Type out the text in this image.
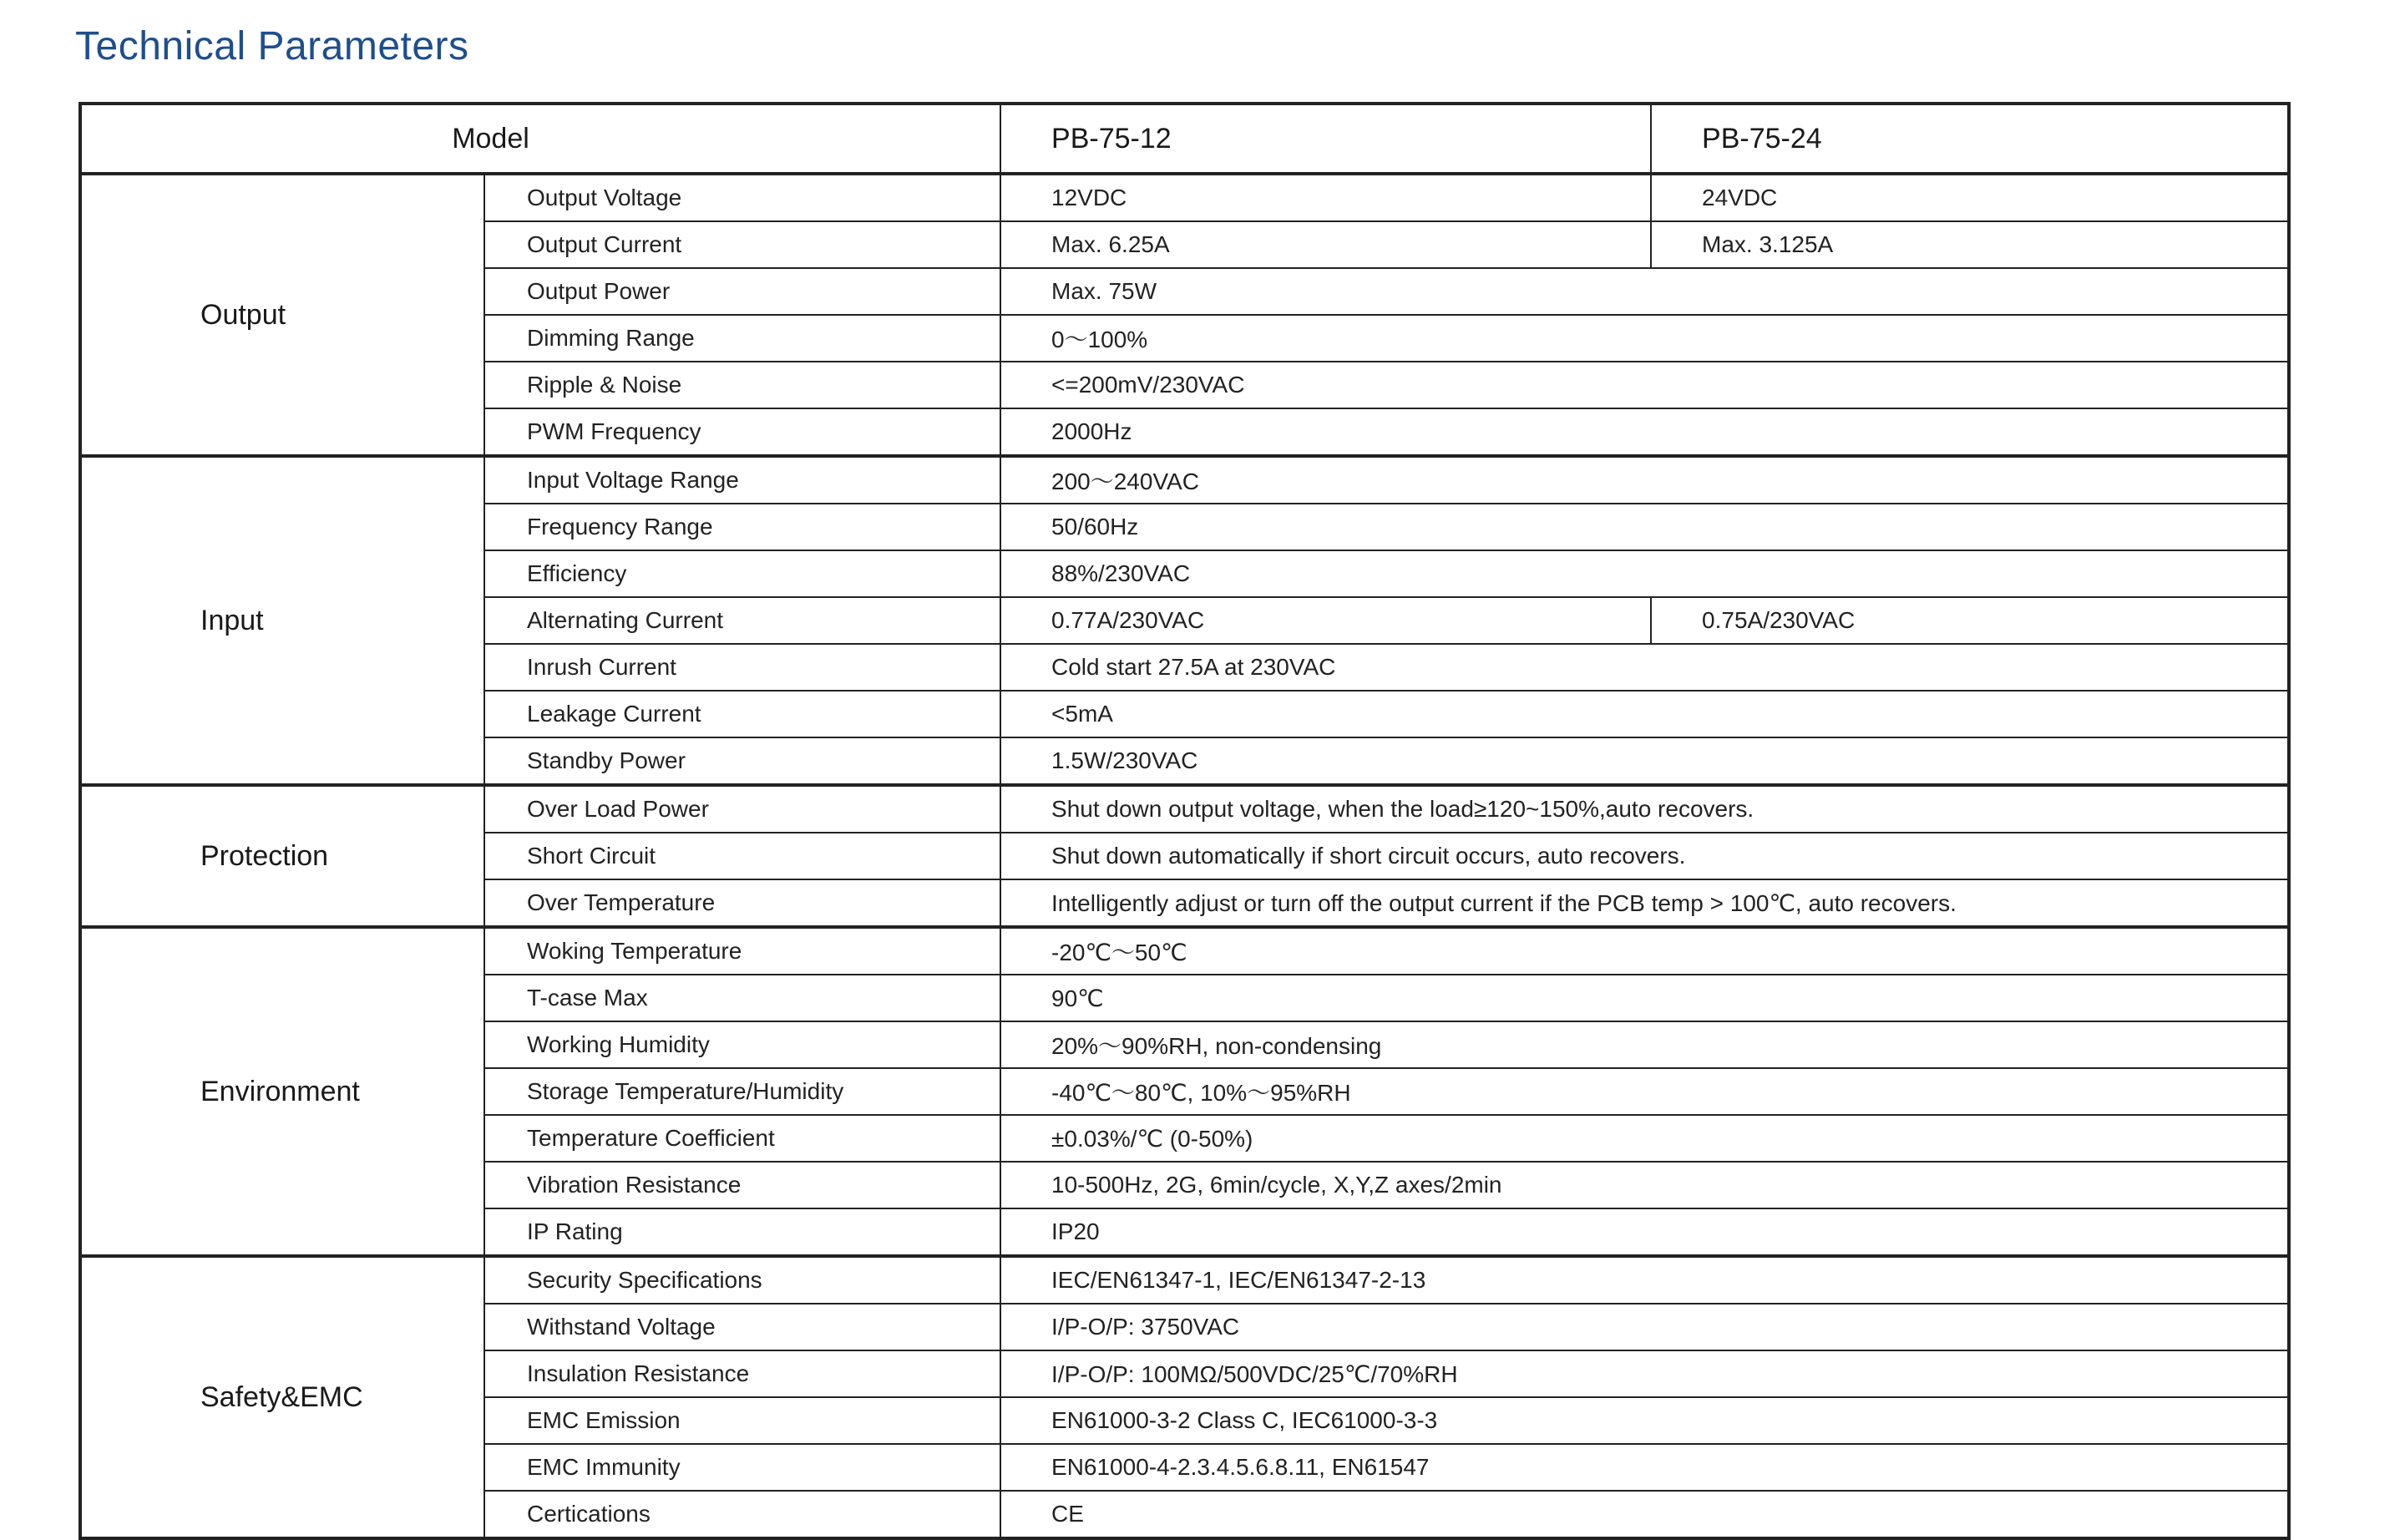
Technical Parameters
Model		PB-75-12	PB-75-24
Output	Output Voltage	12VDC	24VDC
	Output Current	Max. 6.25A	Max. 3.125A
	Output Power	Max. 75W	
	Dimming Range	0～100%	
	Ripple & Noise	<=200mV/230VAC	
	PWM Frequency	2000Hz	
Input	Input Voltage Range	200～240VAC	
	Frequency Range	50/60Hz	
	Efficiency	88%/230VAC	
	Alternating Current	0.77A/230VAC	0.75A/230VAC
	Inrush Current	Cold start 27.5A at 230VAC	
	Leakage Current	<5mA	
	Standby Power	1.5W/230VAC	
Protection	Over Load Power	Shut down output voltage, when the load≥120~150%,auto recovers.	
	Short Circuit	Shut down automatically if short circuit occurs, auto recovers.	
	Over Temperature	Intelligently adjust or turn off the output current if the PCB temp > 100℃, auto recovers.	
Environment	Woking Temperature	-20℃～50℃	
	T-case Max	90℃	
	Working Humidity	20%～90%RH, non-condensing	
	Storage Temperature/Humidity	-40℃～80℃, 10%～95%RH	
	Temperature Coefficient	±0.03%/℃ (0-50%)	
	Vibration Resistance	10-500Hz, 2G, 6min/cycle, X,Y,Z axes/2min	
	IP Rating	IP20	
Safety&EMC	Security Specifications	IEC/EN61347-1, IEC/EN61347-2-13	
	Withstand Voltage	I/P-O/P: 3750VAC	
	Insulation Resistance	I/P-O/P: 100MΩ/500VDC/25℃/70%RH	
	EMC Emission	EN61000-3-2 Class C, IEC61000-3-3	
	EMC Immunity	EN61000-4-2.3.4.5.6.8.11, EN61547	
	Certications	CE	
